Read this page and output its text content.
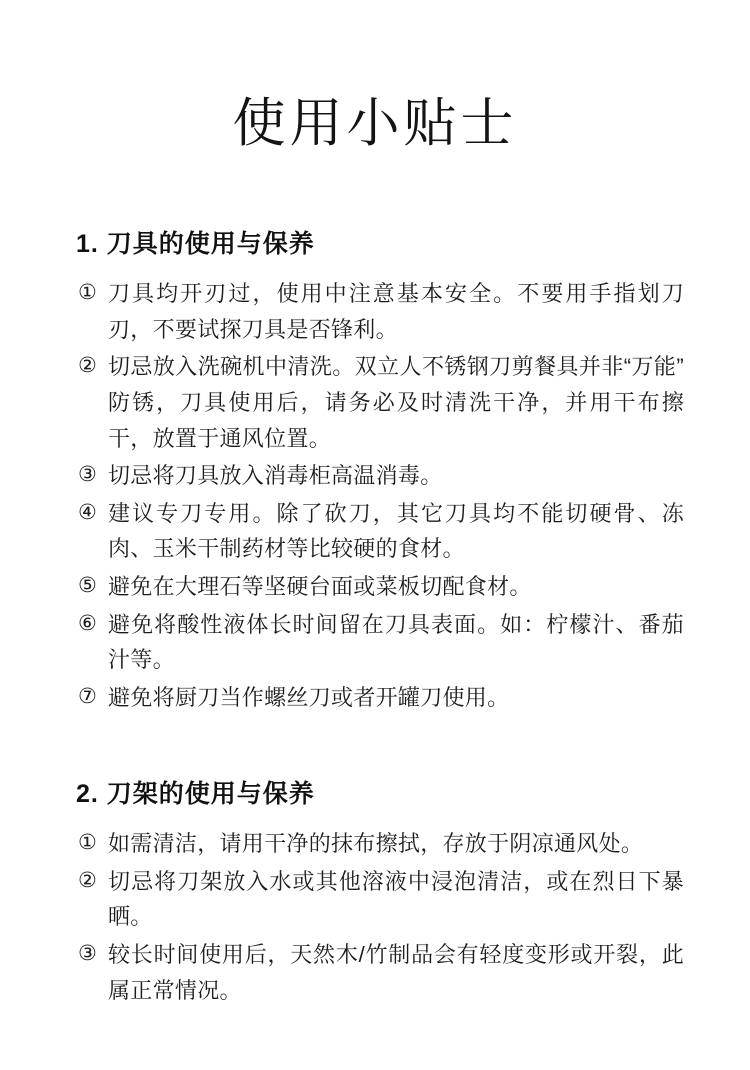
使用小贴士
1. 刀具的使用与保养
① 刀具均开刃过，使用中注意基本安全。不要用手指划刀刃，不要试探刀具是否锋利。
② 切忌放入洗碗机中清洗。双立人不锈钢刀剪餐具并非“万能”防锈，刀具使用后，请务必及时清洗干净，并用干布擦干，放置于通风位置。
③ 切忌将刀具放入消毒柜高温消毒。
④ 建议专刀专用。除了砍刀，其它刀具均不能切硬骨、冻肉、玉米干制药材等比较硬的食材。
⑤ 避免在大理石等坚硬台面或菜板切配食材。
⑥ 避免将酸性液体长时间留在刀具表面。如：柠檬汁、番茄汁等。
⑦ 避免将厨刀当作螺丝刀或者开罐刀使用。
2. 刀架的使用与保养
① 如需清洁，请用干净的抹布擦拭，存放于阴凉通风处。
② 切忌将刀架放入水或其他溶液中浸泡清洁，或在烈日下暴晒。
③ 较长时间使用后，天然木/竹制品会有轻度变形或开裂，此属正常情况。
